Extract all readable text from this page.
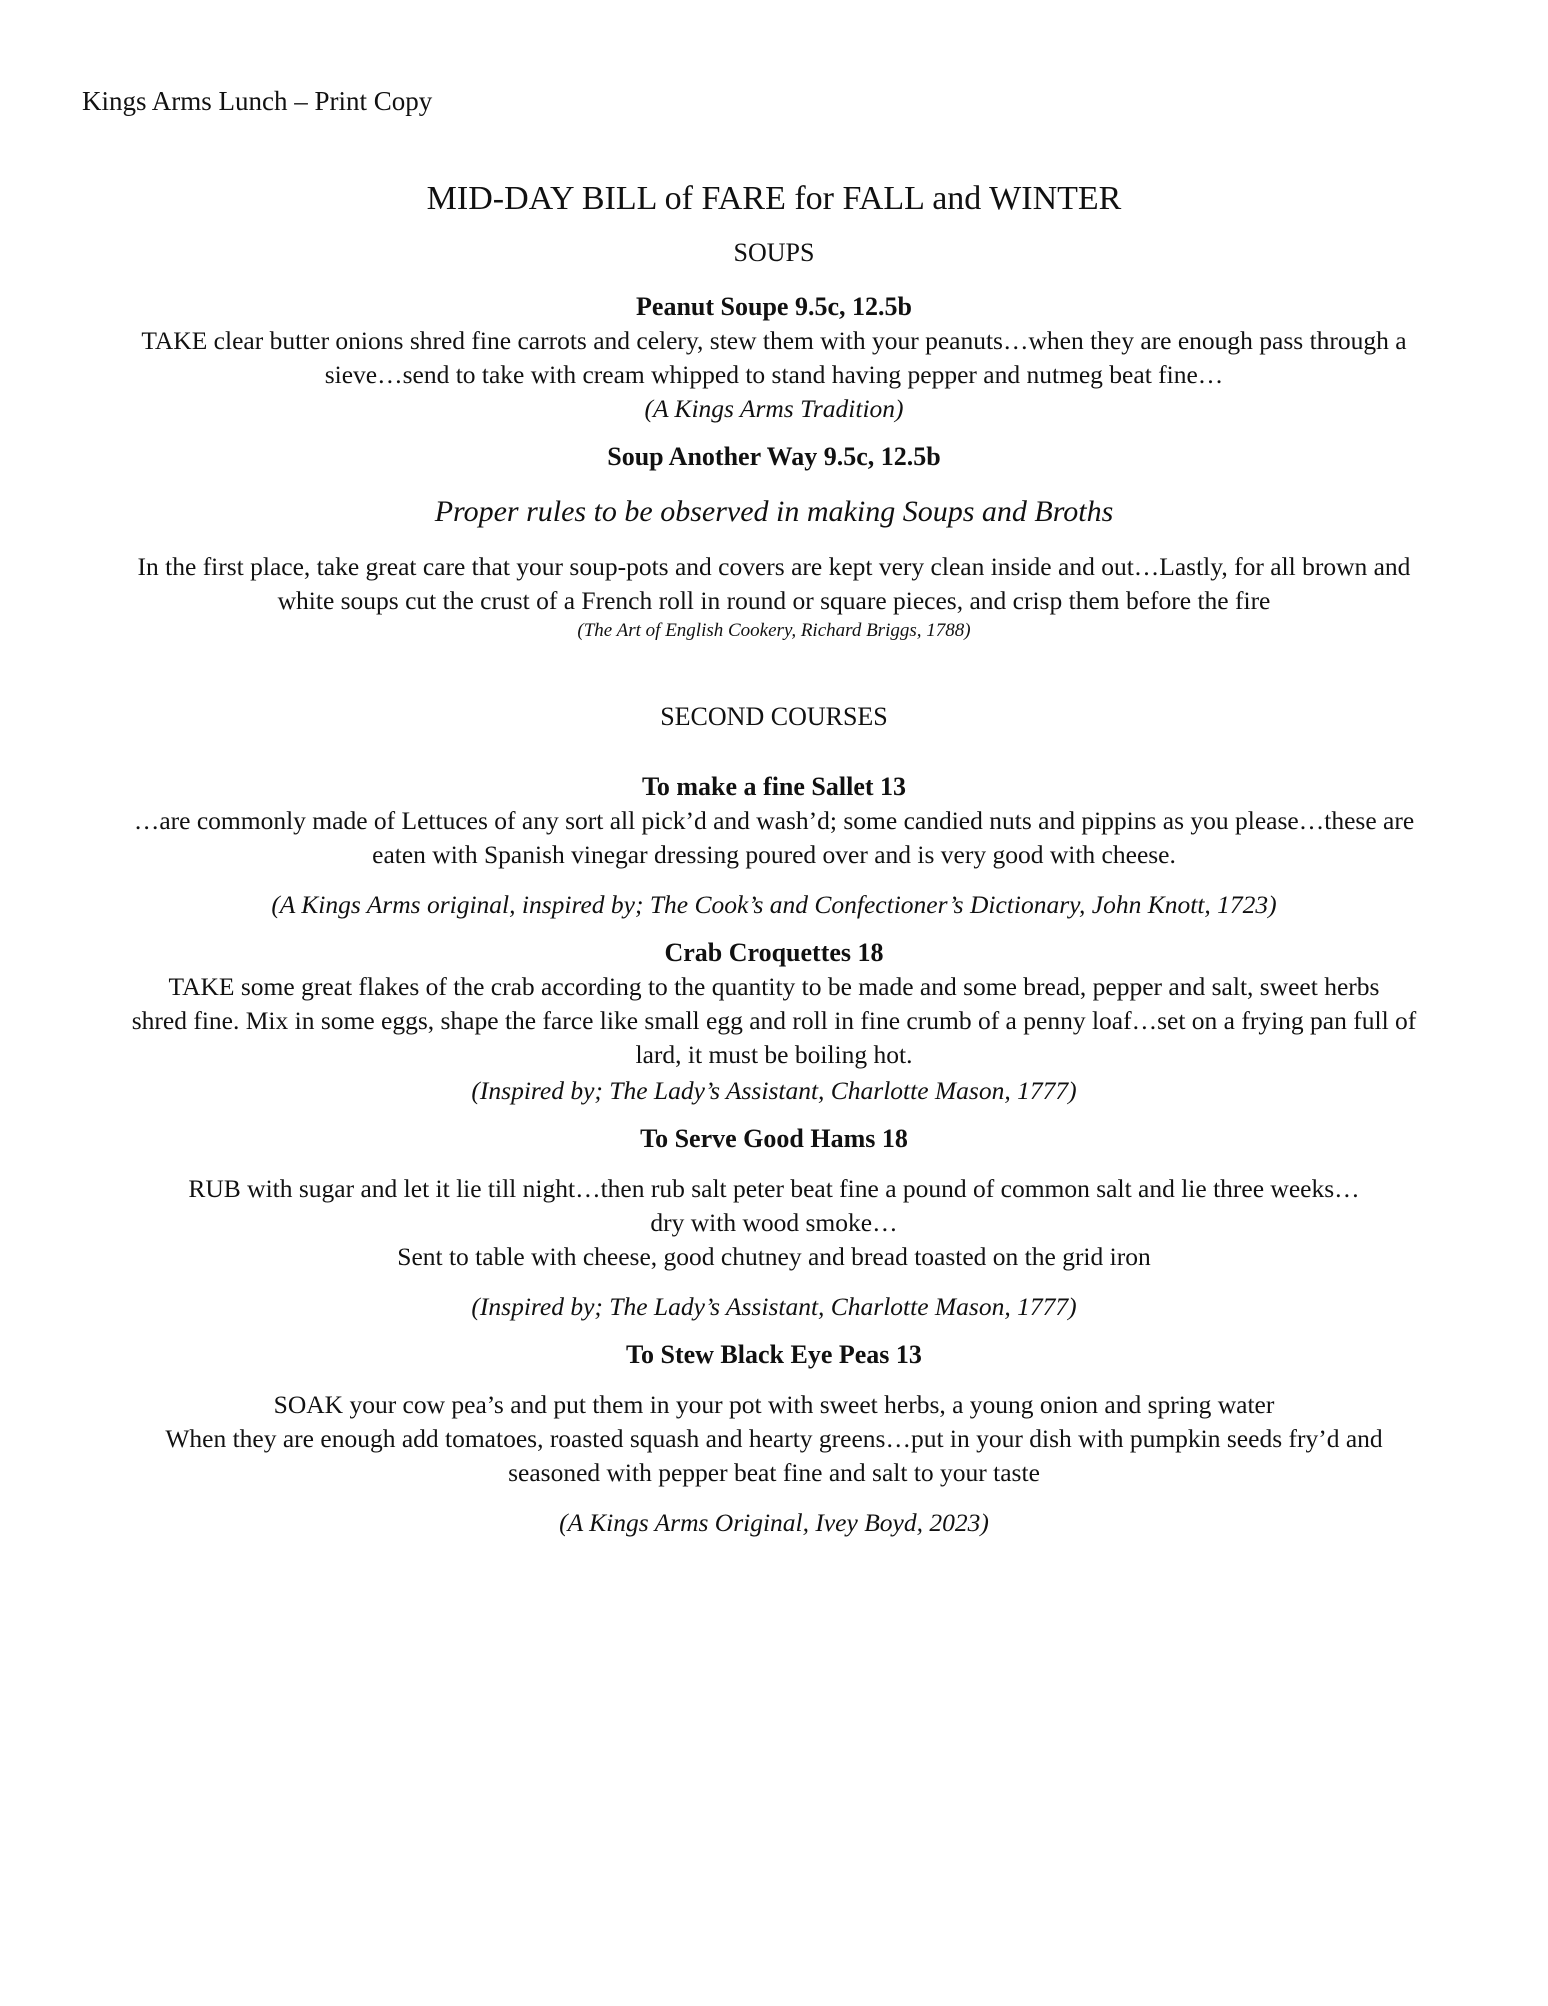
Kings Arms Lunch – Print Copy
MID-DAY BILL of FARE for FALL and WINTER
SOUPS
Peanut Soupe 9.5c, 12.5b
TAKE clear butter onions shred fine carrots and celery, stew them with your peanuts…when they are enough pass through a
sieve…send to take with cream whipped to stand having pepper and nutmeg beat fine…
(A Kings Arms Tradition)
Soup Another Way 9.5c, 12.5b
Proper rules to be observed in making Soups and Broths
In the first place, take great care that your soup-pots and covers are kept very clean inside and out…Lastly, for all brown and
white soups cut the crust of a French roll in round or square pieces, and crisp them before the fire
(The Art of English Cookery, Richard Briggs, 1788)
SECOND COURSES
To make a fine Sallet 13
…are commonly made of Lettuces of any sort all pick’d and wash’d; some candied nuts and pippins as you please…these are
eaten with Spanish vinegar dressing poured over and is very good with cheese.
(A Kings Arms original, inspired by; The Cook’s and Confectioner’s Dictionary, John Knott, 1723)
Crab Croquettes 18
TAKE some great flakes of the crab according to the quantity to be made and some bread, pepper and salt, sweet herbs
shred fine. Mix in some eggs, shape the farce like small egg and roll in fine crumb of a penny loaf…set on a frying pan full of
lard, it must be boiling hot.
(Inspired by; The Lady’s Assistant, Charlotte Mason, 1777)
To Serve Good Hams 18
RUB with sugar and let it lie till night…then rub salt peter beat fine a pound of common salt and lie three weeks…
dry with wood smoke…
Sent to table with cheese, good chutney and bread toasted on the grid iron
(Inspired by; The Lady’s Assistant, Charlotte Mason, 1777)
To Stew Black Eye Peas 13
SOAK your cow pea’s and put them in your pot with sweet herbs, a young onion and spring water
When they are enough add tomatoes, roasted squash and hearty greens…put in your dish with pumpkin seeds fry’d and
seasoned with pepper beat fine and salt to your taste
(A Kings Arms Original, Ivey Boyd, 2023)
